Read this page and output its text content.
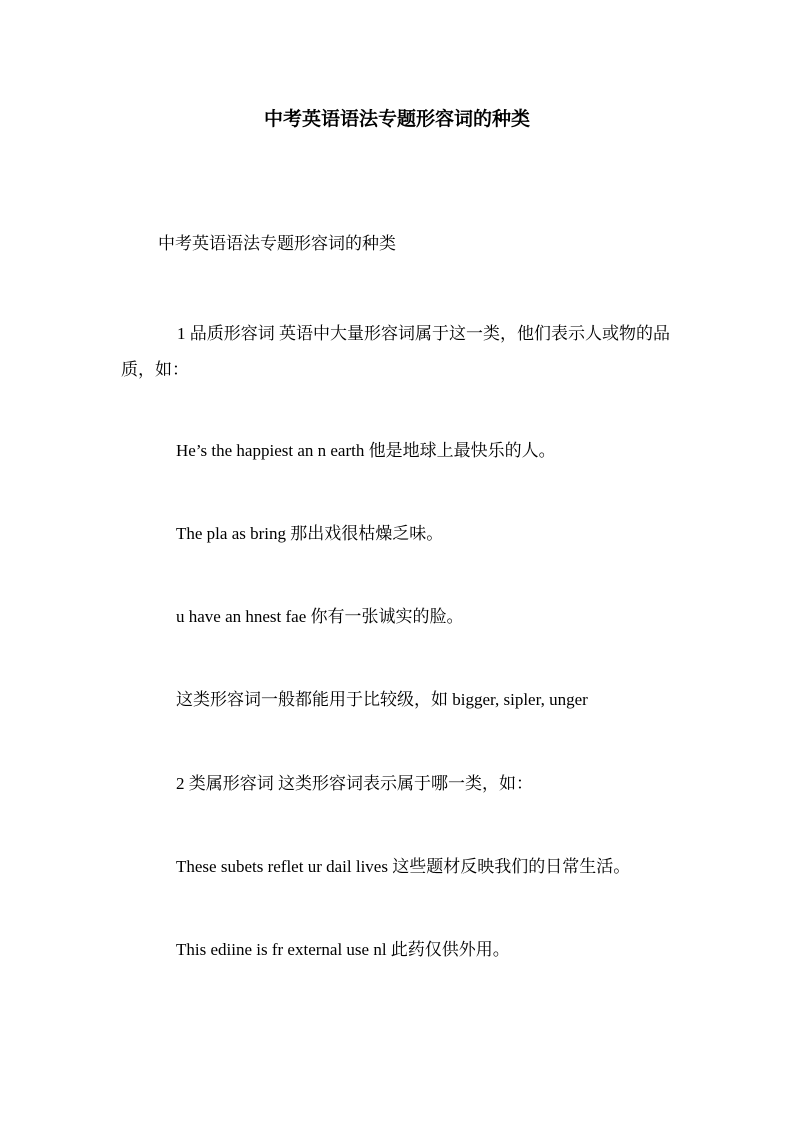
中考英语语法专题形容词的种类
中考英语语法专题形容词的种类
1 品质形容词 英语中大量形容词属于这一类，他们表示人或物的品质，如：
He’s the happiest an n earth 他是地球上最快乐的人。
The pla as bring 那出戏很枯燥乏味。
u have an hnest fae 你有一张诚实的脸。
这类形容词一般都能用于比较级，如 bigger, sipler, unger
2 类属形容词 这类形容词表示属于哪一类，如：
These subets reflet ur dail lives 这些题材反映我们的日常生活。
This ediine is fr external use nl 此药仅供外用。
